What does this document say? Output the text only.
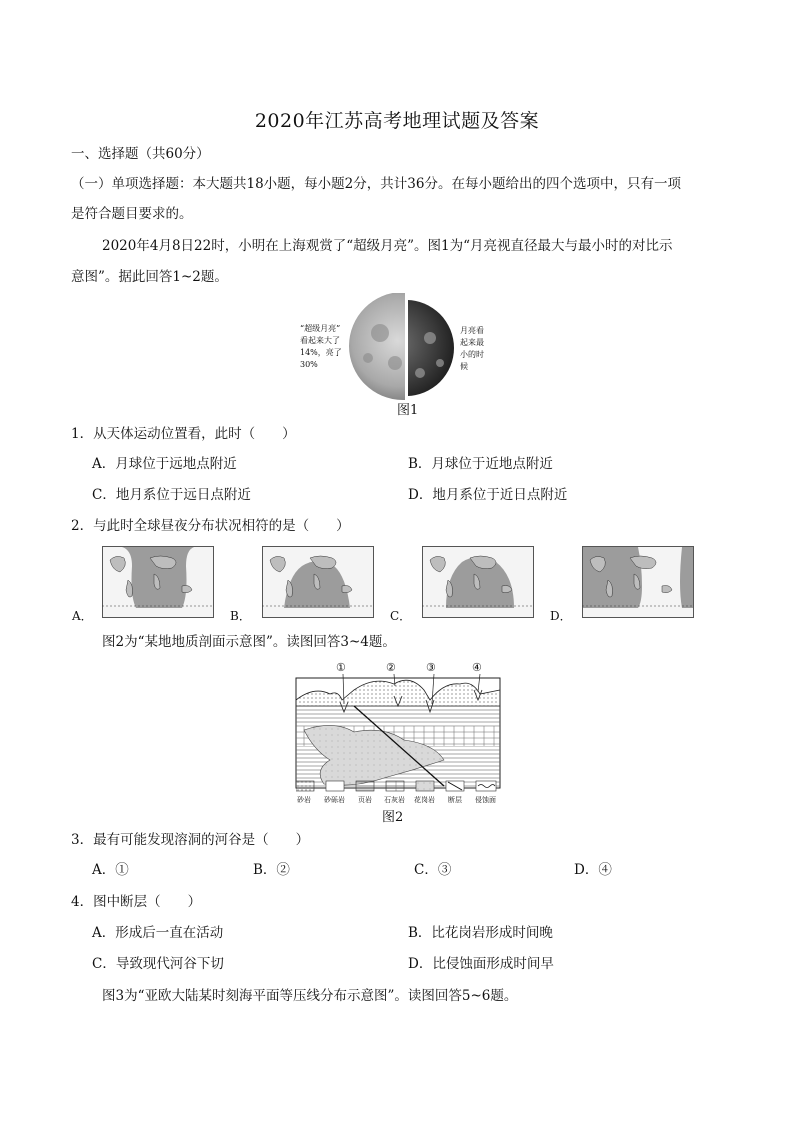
2020年江苏高考地理试题及答案
一、选择题（共60分）
（一）单项选择题：本大题共18小题，每小题2分，共计36分。在每小题给出的四个选项中，只有一项
是符合题目要求的。
2020年4月8日22时，小明在上海观赏了“超级月亮”。图1为“月亮视直径最大与最小时的对比示
意图”。据此回答1~2题。
“超级月亮”
看起来大了
14%，亮了
30%
月亮看
起来最
小的时
候
图1
1．从天体运动位置看，此时（　　）
A．月球位于远地点附近	B．月球位于近地点附近
C．地月系位于远日点附近	D．地月系位于近日点附近
2．与此时全球昼夜分布状况相符的是（　　）
A．	B．	C．	D．
图2为“某地地质剖面示意图”。读图回答3~4题。
①	②	③	④
砂岩 砂砾岩 页岩 石灰岩 花岗岩 断层 侵蚀面
图2
3．最有可能发现溶洞的河谷是（　　）
A．①	B．②	C．③	D．④
4．图中断层（　　）
A．形成后一直在活动	B．比花岗岩形成时间晚
C．导致现代河谷下切	D．比侵蚀面形成时间早
图3为“亚欧大陆某时刻海平面等压线分布示意图”。读图回答5~6题。
